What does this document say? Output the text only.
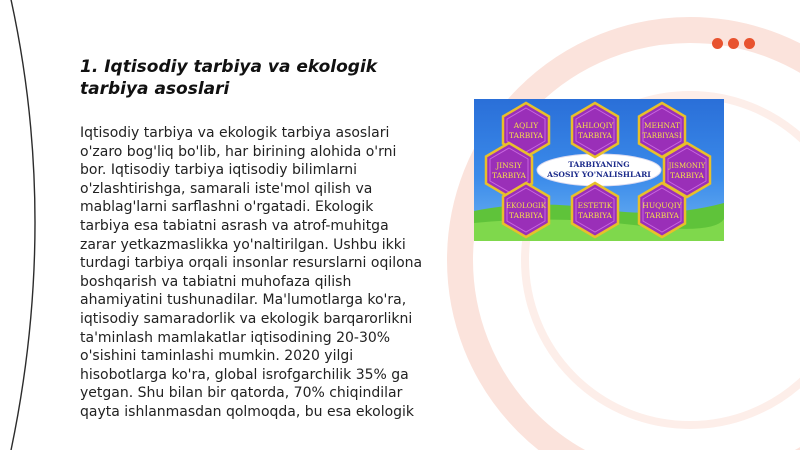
1. Iqtisodiy tarbiya va ekologik
tarbiya asoslari

Iqtisodiy tarbiya va ekologik tarbiya asoslari o'zaro bog'liq bo'lib, har birining alohida o'rni bor. Iqtisodiy tarbiya iqtisodiy bilimlarni o'zlashtirishga, samarali iste'mol qilish va mablag'larni sarflashni o'rgatadi. Ekologik tarbiya esa tabiatni asrash va atrof-muhitga zarar yetkazmaslikka yo'naltirilgan. Ushbu ikki turdagi tarbiya orqali insonlar resurslarni oqilona boshqarish va tabiatni muhofaza qilish ahamiyatini tushunadilar. Ma'lumotlarga ko'ra, iqtisodiy samaradorlik va ekologik barqarorlikni ta'minlash mamlakatlar iqtisodining 20-30% o'sishini taminlashi mumkin. 2020 yilgi hisobotlarga ko'ra, global isrofgarchilik 35% ga yetgan. Shu bilan bir qatorda, 70% chiqindilar qayta ishlanmasdan qolmoqda, bu esa ekologik

TARBIYANING
ASOSIY YO'NALISHLARI
AQLIY
TARBIYA
AHLOQIY
TARBIYA
MEHNAT
TARBIYASI
JINSIY
TARBIYA
JISMONIY
TARBIYA
EKOLOGIK
TARBIYA
ESTETIK
TARBIYA
HUQUQIY
TARBIYA
